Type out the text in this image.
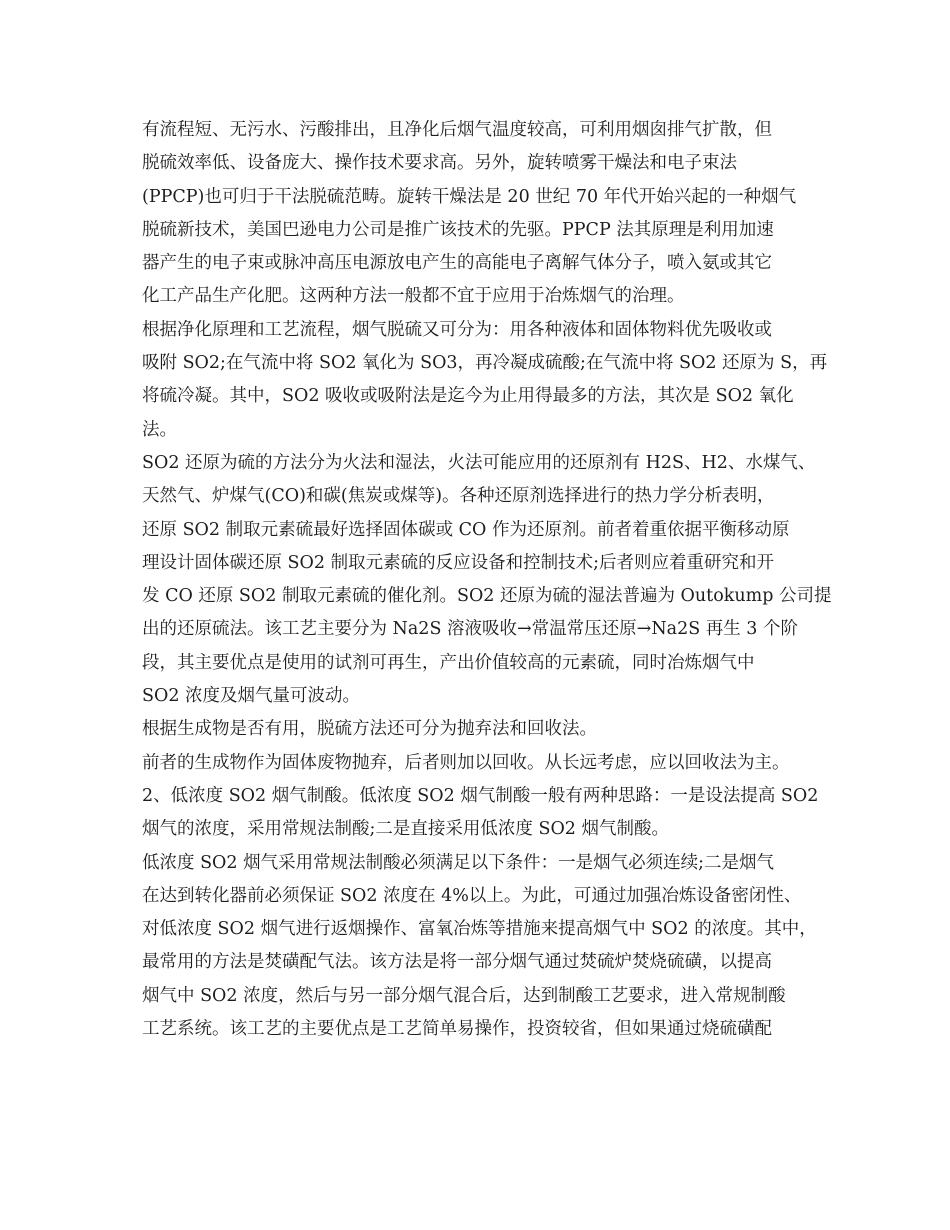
有流程短、无污水、污酸排出，且净化后烟气温度较高，可利用烟囱排气扩散，但
脱硫效率低、设备庞大、操作技术要求高。另外，旋转喷雾干燥法和电子束法
(PPCP)也可归于干法脱硫范畴。旋转干燥法是 20 世纪 70 年代开始兴起的一种烟气
脱硫新技术，美国巴逊电力公司是推广该技术的先驱。PPCP 法其原理是利用加速
器产生的电子束或脉冲高压电源放电产生的高能电子离解气体分子，喷入氨或其它
化工产品生产化肥。这两种方法一般都不宜于应用于冶炼烟气的治理。
根据净化原理和工艺流程，烟气脱硫又可分为：用各种液体和固体物料优先吸收或
吸附 SO2;在气流中将 SO2 氧化为 SO3，再冷凝成硫酸;在气流中将 SO2 还原为 S，再
将硫冷凝。其中，SO2 吸收或吸附法是迄今为止用得最多的方法，其次是 SO2 氧化
法。
SO2 还原为硫的方法分为火法和湿法，火法可能应用的还原剂有 H2S、H2、水煤气、
天然气、炉煤气(CO)和碳(焦炭或煤等)。各种还原剂选择进行的热力学分析表明，
还原 SO2 制取元素硫最好选择固体碳或 CO 作为还原剂。前者着重依据平衡移动原
理设计固体碳还原 SO2 制取元素硫的反应设备和控制技术;后者则应着重研究和开
发 CO 还原 SO2 制取元素硫的催化剂。SO2 还原为硫的湿法普遍为 Outokump 公司提
出的还原硫法。该工艺主要分为 Na2S 溶液吸收→常温常压还原→Na2S 再生 3 个阶
段，其主要优点是使用的试剂可再生，产出价值较高的元素硫，同时冶炼烟气中
SO2 浓度及烟气量可波动。
根据生成物是否有用，脱硫方法还可分为抛弃法和回收法。
前者的生成物作为固体废物抛弃，后者则加以回收。从长远考虑，应以回收法为主。
2、低浓度 SO2 烟气制酸。低浓度 SO2 烟气制酸一般有两种思路：一是设法提高 SO2
烟气的浓度，采用常规法制酸;二是直接采用低浓度 SO2 烟气制酸。
低浓度 SO2 烟气采用常规法制酸必须满足以下条件：一是烟气必须连续;二是烟气
在达到转化器前必须保证 SO2 浓度在 4%以上。为此，可通过加强冶炼设备密闭性、
对低浓度 SO2 烟气进行返烟操作、富氧冶炼等措施来提高烟气中 SO2 的浓度。其中，
最常用的方法是焚磺配气法。该方法是将一部分烟气通过焚硫炉焚烧硫磺，以提高
烟气中 SO2 浓度，然后与另一部分烟气混合后，达到制酸工艺要求，进入常规制酸
工艺系统。该工艺的主要优点是工艺简单易操作，投资较省，但如果通过烧硫磺配
